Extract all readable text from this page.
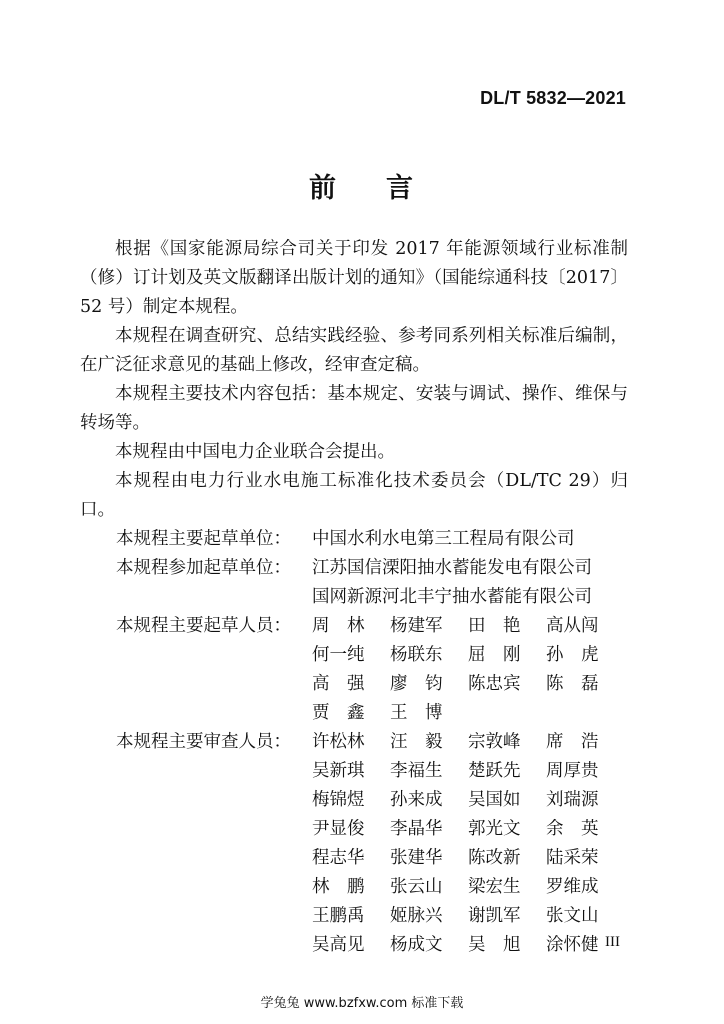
DL/T 5832—2021
前 言

根据《国家能源局综合司关于印发 2017 年能源领域行业标准制（修）订计划及英文版翻译出版计划的通知》（国能综通科技〔2017〕52 号）制定本规程。

本规程在调查研究、总结实践经验、参考同系列相关标准后编制，在广泛征求意见的基础上修改，经审查定稿。

本规程主要技术内容包括：基本规定、安装与调试、操作、维保与转场等。

本规程由中国电力企业联合会提出。

本规程由电力行业水电施工标准化技术委员会（DL/TC 29）归口。

本规程主要起草单位：	中国水利水电第三工程局有限公司
本规程参加起草单位：	江苏国信溧阳抽水蓄能发电有限公司
国网新源河北丰宁抽水蓄能有限公司
本规程主要起草人员：	周　林	杨建军	田　艳	高从闯
何一纯	杨联东	屈　刚	孙　虎
高　强	廖　钧	陈忠宾	陈　磊
贾　鑫	王　博
本规程主要审查人员：	许松林	汪　毅	宗敦峰	席　浩
吴新琪	李福生	楚跃先	周厚贵
梅锦煜	孙来成	吴国如	刘瑞源
尹显俊	李晶华	郭光文	余　英
程志华	张建华	陈改新	陆采荣
林　鹏	张云山	梁宏生	罗维成
王鹏禹	姬脉兴	谢凯军	张文山
吴高见	杨成文	吴　旭	涂怀健 III
学兔兔 www.bzfxw.com 标准下载
